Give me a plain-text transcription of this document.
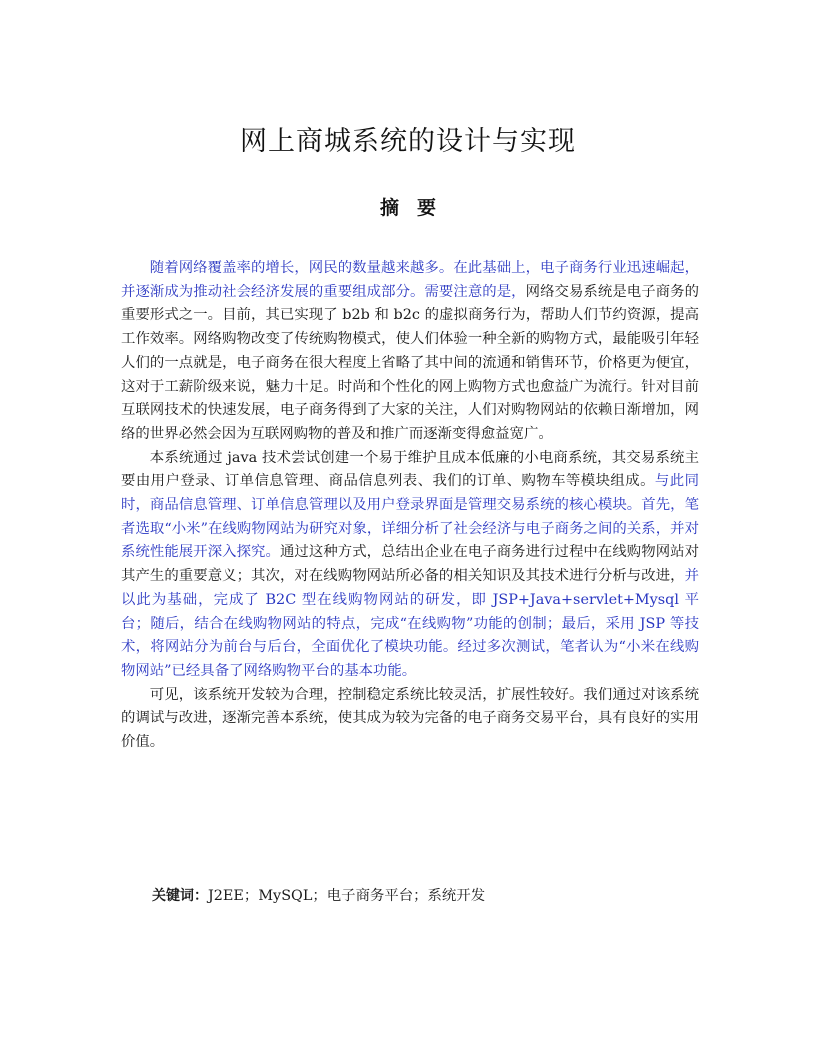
网上商城系统的设计与实现
摘 要

随着网络覆盖率的增长，网民的数量越来越多。在此基础上，电子商务行业迅速崛起，并逐渐成为推动社会经济发展的重要组成部分。需要注意的是，网络交易系统是电子商务的重要形式之一。目前，其已实现了 b2b 和 b2c 的虚拟商务行为，帮助人们节约资源，提高工作效率。网络购物改变了传统购物模式，使人们体验一种全新的购物方式，最能吸引年轻人们的一点就是，电子商务在很大程度上省略了其中间的流通和销售环节，价格更为便宜，这对于工薪阶级来说，魅力十足。时尚和个性化的网上购物方式也愈益广为流行。针对目前互联网技术的快速发展，电子商务得到了大家的关注，人们对购物网站的依赖日渐增加，网络的世界必然会因为互联网购物的普及和推广而逐渐变得愈益宽广。

本系统通过 java 技术尝试创建一个易于维护且成本低廉的小电商系统，其交易系统主要由用户登录、订单信息管理、商品信息列表、我们的订单、购物车等模块组成。与此同时，商品信息管理、订单信息管理以及用户登录界面是管理交易系统的核心模块。首先，笔者选取“小米”在线购物网站为研究对象，详细分析了社会经济与电子商务之间的关系，并对系统性能展开深入探究。通过这种方式，总结出企业在电子商务进行过程中在线购物网站对其产生的重要意义；其次，对在线购物网站所必备的相关知识及其技术进行分析与改进，并以此为基础，完成了 B2C 型在线购物网站的研发，即 JSP+Java+servlet+Mysql 平台；随后，结合在线购物网站的特点，完成“在线购物”功能的创制；最后，采用 JSP 等技术，将网站分为前台与后台，全面优化了模块功能。经过多次测试，笔者认为“小米在线购物网站”已经具备了网络购物平台的基本功能。

可见，该系统开发较为合理，控制稳定系统比较灵活，扩展性较好。我们通过对该系统的调试与改进，逐渐完善本系统，使其成为较为完备的电子商务交易平台，具有良好的实用价值。

关键词：J2EE；MySQL；电子商务平台；系统开发
